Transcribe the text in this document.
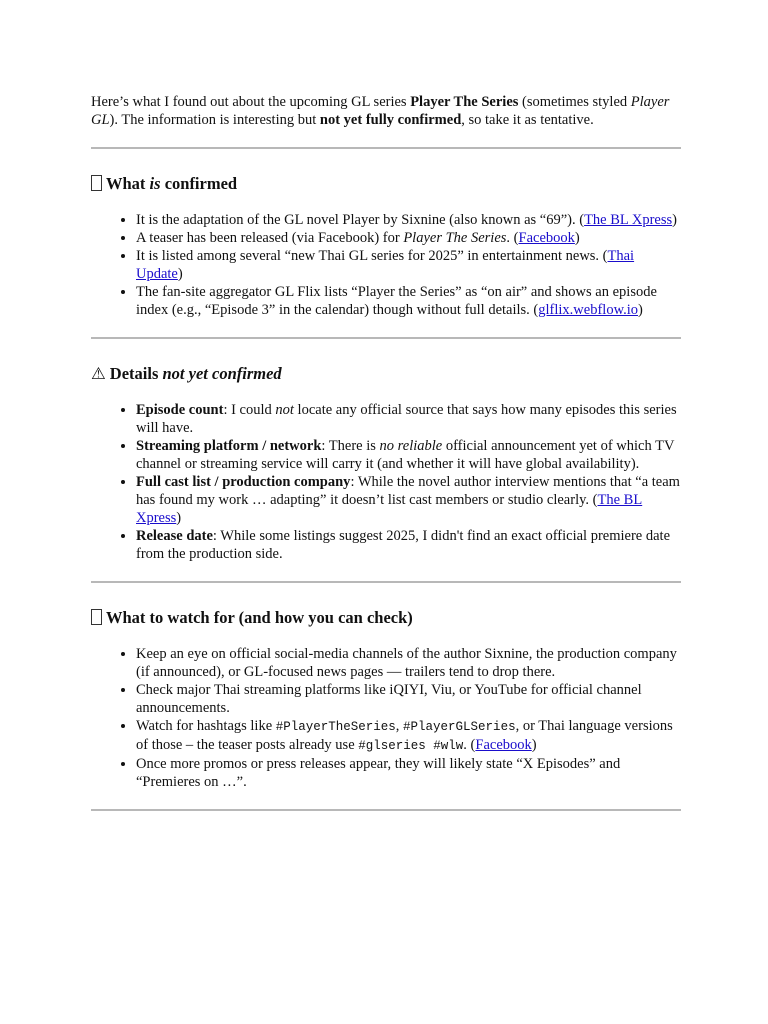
Here’s what I found out about the upcoming GL series Player The Series (sometimes styled Player GL). The information is interesting but not yet fully confirmed, so take it as tentative.

What is confirmed
• It is the adaptation of the GL novel Player by Sixnine (also known as “69”). (The BL Xpress)
• A teaser has been released (via Facebook) for Player The Series. (Facebook)
• It is listed among several “new Thai GL series for 2025” in entertainment news. (Thai Update)
• The fan-site aggregator GL Flix lists “Player the Series” as “on air” and shows an episode index (e.g., “Episode 3” in the calendar) though without full details. (glflix.webflow.io)
⚠ Details not yet confirmed
• Episode count: I could not locate any official source that says how many episodes this series will have.
• Streaming platform / network: There is no reliable official announcement yet of which TV channel or streaming service will carry it (and whether it will have global availability).
• Full cast list / production company: While the novel author interview mentions that “a team has found my work … adapting” it doesn’t list cast members or studio clearly. (The BL Xpress)
• Release date: While some listings suggest 2025, I didn't find an exact official premiere date from the production side.
What to watch for (and how you can check)
• Keep an eye on official social-media channels of the author Sixnine, the production company (if announced), or GL-focused news pages — trailers tend to drop there.
• Check major Thai streaming platforms like iQIYI, Viu, or YouTube for official channel announcements.
• Watch for hashtags like #PlayerTheSeries, #PlayerGLSeries, or Thai language versions of those – the teaser posts already use #glseries #wlw. (Facebook)
• Once more promos or press releases appear, they will likely state “X Episodes” and “Premieres on …”.
